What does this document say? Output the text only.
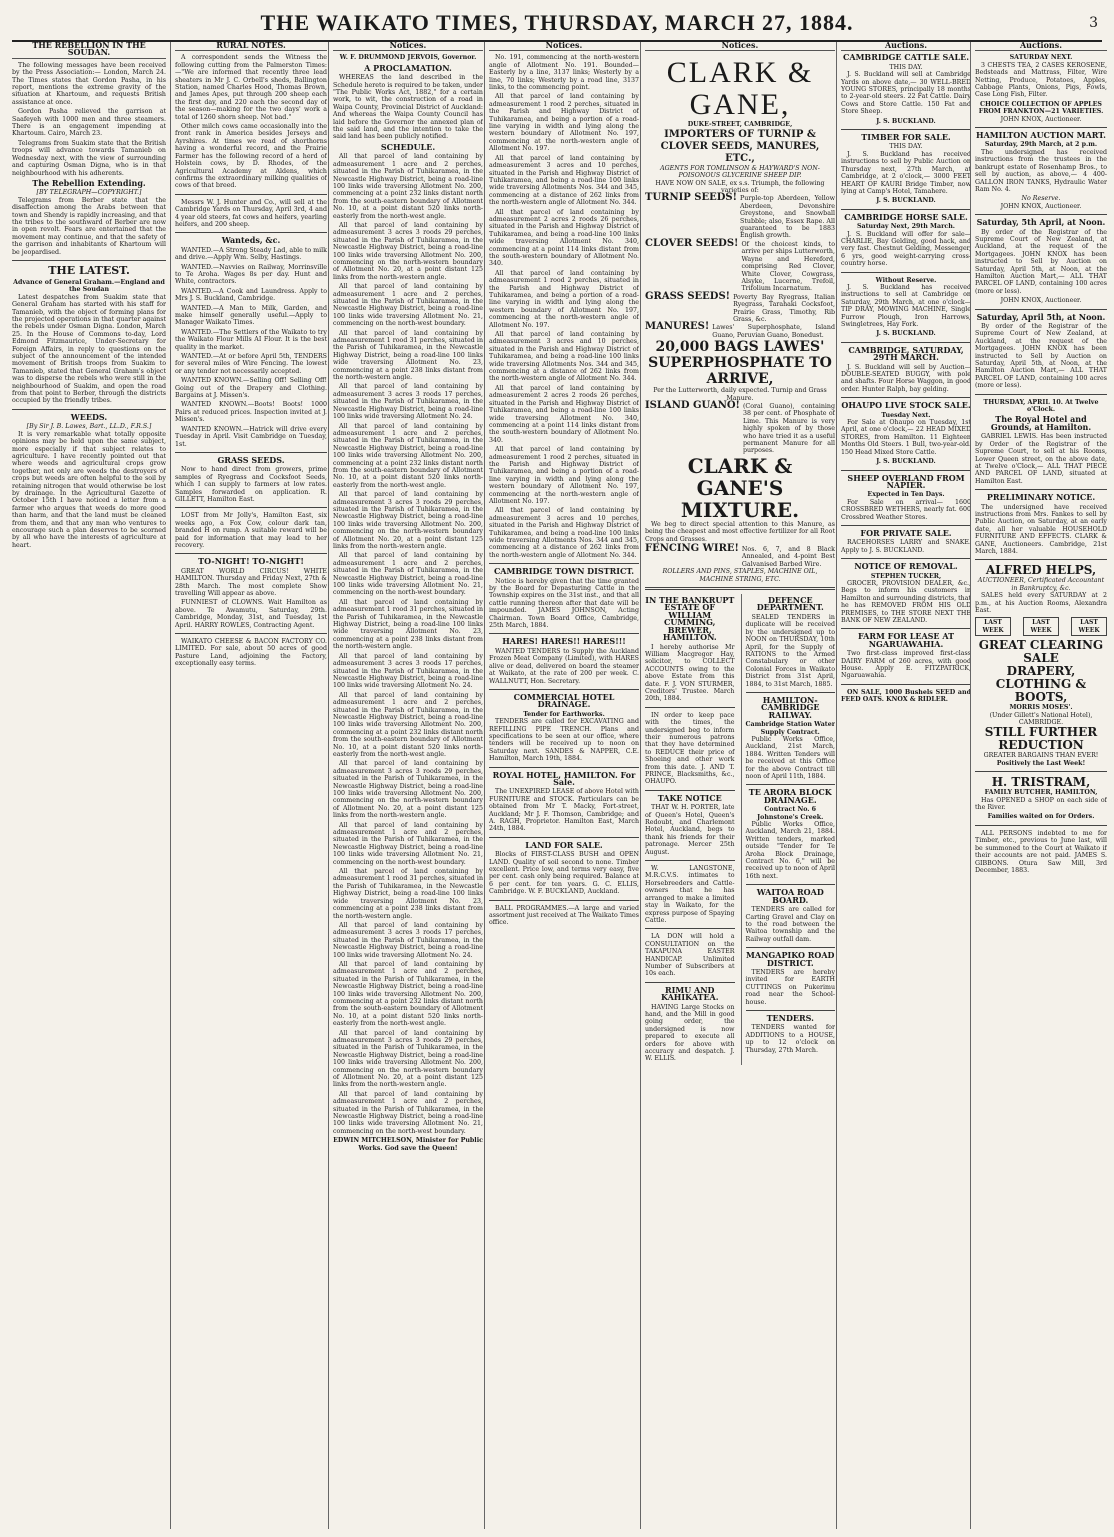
THE WAIKATO TIMES, THURSDAY, MARCH 27, 1884.	3
THE REBELLION IN THE SOUDAN.

The following messages have been received by the Press Association:— London, March 24. The Times states that Gordon Pasha, in his report, mentions the extreme gravity of the situation at Khartoum, and requests British assistance at once.

Gordon Pasha relieved the garrison at Saafeyeh with 1000 men and three steamers. There is an engagement impending at Khartoum. Cairo, March 23.

Telegrams from Suakim state that the British troops will advance towards Tamanieb on Wednesday next, with the view of surrounding and capturing Osman Digna, who is in that neighbourhood with his adherents.

The Rebellion Extending.
[BY TELEGRAPH—COPYRIGHT.]

Telegrams from Berber state that the disaffection among the Arabs between that town and Shendy is rapidly increasing, and that the tribes to the southward of Berber are now in open revolt. Fears are entertained that the movement may continue, and that the safety of the garrison and inhabitants of Khartoum will be jeopardised.

THE LATEST.
Advance of General Graham.—England and the Soudan

Latest despatches from Suakim state that General Graham has started with his staff for Tamanieb, with the object of forming plans for the projected operations in that quarter against the rebels under Osman Digna. London, March 25. In the House of Commons to-day, Lord Edmond Fitzmaurice, Under-Secretary for Foreign Affairs, in reply to questions on the subject of the announcement of the intended movement of British troops from Suakim to Tamanieb, stated that General Graham's object was to disperse the rebels who were still in the neighbourhood of Suakim, and open the road from that point to Berber, through the districts occupied by the friendly tribes.

WEEDS.
[By Sir J. B. Lawes, Bart., LL.D., F.R.S.]

It is very remarkable what totally opposite opinions may be held upon the same subject, more especially if that subject relates to agriculture. I have recently pointed out that where weeds and agricultural crops grow together, not only are weeds the destroyers of crops but weeds are often helpful to the soil by retaining nitrogen that would otherwise be lost by drainage. In the Agricultural Gazette of October 15th I have noticed a letter from a farmer who argues that weeds do more good than harm, and that the land must be cleaned from them, and that any man who ventures to encourage such a plan deserves to be scorned by all who have the interests of agriculture at heart.

RURAL NOTES.

A correspondent sends the Witness the following cutting from the Palmerston Times:—"We are informed that recently three lead sheaters in Mr J. C. Orbell's sheds, Ballington Station, named Charles Hood, Thomas Brown, and James Apes, put through 200 sheep each the first day, and 220 each the second day of the season—making for the two days' work a total of 1260 shorn sheep. Not bad."

Other milch cows came occasionally into the front rank in America besides Jerseys and Ayrshires. At times we read of shorthorns having a wonderful record, and the Prairie Farmer has the following record of a herd of Holstein cows, by D. Rhodes, of the Agricultural Academy at Aldens, which confirms the extraordinary milking qualities of cows of that breed.

Messrs W. J. Hunter and Co., will sell at the Cambridge Yards on Thursday, April 3rd, 4 and 4 year old steers, fat cows and heifers, yearling heifers, and 200 sheep.

Wanteds, &c.

WANTED.—A Strong Steady Lad, able to milk and drive.—Apply Wm. Selby, Hastings.

WANTED.—Navvies on Railway, Morrinsville to Te Aroha. Wages 8s per day. Hunt and White, contractors.

WANTED.—A Cook and Laundress. Apply to Mrs J. S. Buckland, Cambridge.

WANTED.—A Man to Milk, Garden, and make himself generally useful.—Apply to Manager Waikato Times.

WANTED.—The Settlers of the Waikato to try the Waikato Flour Mills AI Flour. It is the best quality in the market.

WANTED.—At or before April 5th, TENDERS for several miles of Wire Fencing. The lowest or any tender not necessarily accepted.

WANTED KNOWN.—Selling Off! Selling Off! Going out of the Drapery and Clothing. Bargains at J. Missen's.

WANTED KNOWN.—Boots! Boots! 1000 Pairs at reduced prices. Inspection invited at J. Missen's.

WANTED KNOWN.—Hatrick will drive every Tuesday in April. Visit Cambridge on Tuesday, 1st.

GRASS SEEDS.

Now to hand direct from growers, prime samples of Ryegrass and Cocksfoot Seeds, which I can supply to farmers at low rates. Samples forwarded on application. R. GILLETT, Hamilton East.

LOST from Mr Jolly's, Hamilton East, six weeks ago, a Fox Cow, colour dark tan, branded H on rump. A suitable reward will be paid for information that may lead to her recovery.

TO-NIGHT! TO-NIGHT!

GREAT WORLD CIRCUS! WHITE HAMILTON. Thursday and Friday Next, 27th & 28th March. The most complete Show travelling Will appear as above.

FUNNIEST of CLOWNS. Wait Hamilton as above. Te Awamutu, Saturday, 29th. Cambridge, Monday, 31st, and Tuesday, 1st April. HARRY ROWLES, Contracting Agent.

WAIKATO CHEESE & BACON FACTORY CO. LIMITED. For sale, about 50 acres of good Pasture Land, adjoining the Factory, exceptionally easy terms.

Notices.
W. F. DRUMMOND JERVOIS, Governor.
A PROCLAMATION.

WHEREAS the land described in the Schedule hereto is required to be taken, under "The Public Works Act, 1882," for a certain work, to wit, the construction of a road in Waipa County, Provincial District of Auckland: And whereas the Waipa County Council has laid before the Governor the annexed plan of the said land, and the intention to take the said land has been publicly notified.

SCHEDULE.

All that parcel of land containing by admeasurement 1 acre and 2 perches, situated in the Parish of Tuhikaramea, in the Newcastle Highway District, being a road-line 100 links wide traversing Allotment No. 200, commencing at a point 232 links distant north from the south-eastern boundary of Allotment No. 10, at a point distant 520 links north-easterly from the north-west angle.

All that parcel of land containing by admeasurement 3 acres 3 roods 29 perches, situated in the Parish of Tuhikaramea, in the Newcastle Highway District, being a road-line 100 links wide traversing Allotment No. 200, commencing on the north-western boundary of Allotment No. 20, at a point distant 125 links from the north-western angle.

All that parcel of land containing by admeasurement 1 acre and 2 perches, situated in the Parish of Tuhikaramea, in the Newcastle Highway District, being a road-line 100 links wide traversing Allotment No. 21, commencing on the north-west boundary.

All that parcel of land containing by admeasurement 1 rood 31 perches, situated in the Parish of Tuhikaramea, in the Newcastle Highway District, being a road-line 100 links wide traversing Allotment No. 23, commencing at a point 238 links distant from the north-western angle.

All that parcel of land containing by admeasurement 3 acres 3 roods 17 perches, situated in the Parish of Tuhikaramea, in the Newcastle Highway District, being a road-line 100 links wide traversing Allotment No. 24.

All that parcel of land containing by admeasurement 1 acre and 2 perches, situated in the Parish of Tuhikaramea, in the Newcastle Highway District, being a road-line 100 links wide traversing Allotment No. 200, commencing at a point 232 links distant north from the south-eastern boundary of Allotment No. 10, at a point distant 520 links north-easterly from the north-west angle.

All that parcel of land containing by admeasurement 3 acres 3 roods 29 perches, situated in the Parish of Tuhikaramea, in the Newcastle Highway District, being a road-line 100 links wide traversing Allotment No. 200, commencing on the north-western boundary of Allotment No. 20, at a point distant 125 links from the north-western angle.

All that parcel of land containing by admeasurement 1 acre and 2 perches, situated in the Parish of Tuhikaramea, in the Newcastle Highway District, being a road-line 100 links wide traversing Allotment No. 21, commencing on the north-west boundary.

All that parcel of land containing by admeasurement 1 rood 31 perches, situated in the Parish of Tuhikaramea, in the Newcastle Highway District, being a road-line 100 links wide traversing Allotment No. 23, commencing at a point 238 links distant from the north-western angle.

All that parcel of land containing by admeasurement 3 acres 3 roods 17 perches, situated in the Parish of Tuhikaramea, in the Newcastle Highway District, being a road-line 100 links wide traversing Allotment No. 24.

All that parcel of land containing by admeasurement 1 acre and 2 perches, situated in the Parish of Tuhikaramea, in the Newcastle Highway District, being a road-line 100 links wide traversing Allotment No. 200, commencing at a point 232 links distant north from the south-eastern boundary of Allotment No. 10, at a point distant 520 links north-easterly from the north-west angle.

All that parcel of land containing by admeasurement 3 acres 3 roods 29 perches, situated in the Parish of Tuhikaramea, in the Newcastle Highway District, being a road-line 100 links wide traversing Allotment No. 200, commencing on the north-western boundary of Allotment No. 20, at a point distant 125 links from the north-western angle.

All that parcel of land containing by admeasurement 1 acre and 2 perches, situated in the Parish of Tuhikaramea, in the Newcastle Highway District, being a road-line 100 links wide traversing Allotment No. 21, commencing on the north-west boundary.

All that parcel of land containing by admeasurement 1 rood 31 perches, situated in the Parish of Tuhikaramea, in the Newcastle Highway District, being a road-line 100 links wide traversing Allotment No. 23, commencing at a point 238 links distant from the north-western angle.

All that parcel of land containing by admeasurement 3 acres 3 roods 17 perches, situated in the Parish of Tuhikaramea, in the Newcastle Highway District, being a road-line 100 links wide traversing Allotment No. 24.

All that parcel of land containing by admeasurement 1 acre and 2 perches, situated in the Parish of Tuhikaramea, in the Newcastle Highway District, being a road-line 100 links wide traversing Allotment No. 200, commencing at a point 232 links distant north from the south-eastern boundary of Allotment No. 10, at a point distant 520 links north-easterly from the north-west angle.

All that parcel of land containing by admeasurement 3 acres 3 roods 29 perches, situated in the Parish of Tuhikaramea, in the Newcastle Highway District, being a road-line 100 links wide traversing Allotment No. 200, commencing on the north-western boundary of Allotment No. 20, at a point distant 125 links from the north-western angle.

All that parcel of land containing by admeasurement 1 acre and 2 perches, situated in the Parish of Tuhikaramea, in the Newcastle Highway District, being a road-line 100 links wide traversing Allotment No. 21, commencing on the north-west boundary.

EDWIN MITCHELSON, Minister for Public Works. God save the Queen!
Notices.

No. 191, commencing at the north-western angle of Allotment No. 191. Bounded—Easterly by a line, 3137 links; Westerly by a line, 70 links; Westerly by a road line, 3137 links, to the commencing point.

All that parcel of land containing by admeasurement 1 rood 2 perches, situated in the Parish and Highway District of Tuhikaramea, and being a portion of a road-line varying in width and lying along the western boundary of Allotment No. 197, commencing at the north-western angle of Allotment No. 197.

All that parcel of land containing by admeasurement 3 acres and 10 perches, situated in the Parish and Highway District of Tuhikaramea, and being a road-line 100 links wide traversing Allotments Nos. 344 and 345, commencing at a distance of 262 links from the north-western angle of Allotment No. 344.

All that parcel of land containing by admeasurement 2 acres 2 roods 26 perches, situated in the Parish and Highway District of Tuhikaramea, and being a road-line 100 links wide traversing Allotment No. 340, commencing at a point 114 links distant from the south-western boundary of Allotment No. 340.

All that parcel of land containing by admeasurement 1 rood 2 perches, situated in the Parish and Highway District of Tuhikaramea, and being a portion of a road-line varying in width and lying along the western boundary of Allotment No. 197, commencing at the north-western angle of Allotment No. 197.

All that parcel of land containing by admeasurement 3 acres and 10 perches, situated in the Parish and Highway District of Tuhikaramea, and being a road-line 100 links wide traversing Allotments Nos. 344 and 345, commencing at a distance of 262 links from the north-western angle of Allotment No. 344.

All that parcel of land containing by admeasurement 2 acres 2 roods 26 perches, situated in the Parish and Highway District of Tuhikaramea, and being a road-line 100 links wide traversing Allotment No. 340, commencing at a point 114 links distant from the south-western boundary of Allotment No. 340.

All that parcel of land containing by admeasurement 1 rood 2 perches, situated in the Parish and Highway District of Tuhikaramea, and being a portion of a road-line varying in width and lying along the western boundary of Allotment No. 197, commencing at the north-western angle of Allotment No. 197.

All that parcel of land containing by admeasurement 3 acres and 10 perches, situated in the Parish and Highway District of Tuhikaramea, and being a road-line 100 links wide traversing Allotments Nos. 344 and 345, commencing at a distance of 262 links from the north-western angle of Allotment No. 344.

CAMBRIDGE TOWN DISTRICT.

Notice is hereby given that the time granted by the Board for Depasturing Cattle in the Township expires on the 31st inst., and that all cattle running thereon after that date will be impounded. JAMES JOHNSON, Acting Chairman. Town Board Office, Cambridge, 25th March, 1884.

HARES! HARES!! HARES!!!

WANTED TENDERS to Supply the Auckland Frozen Meat Company (Limited), with HARES alive or dead, delivered on board the steamer at Waikato, at the rate of 200 per week. C. WALLNUTT, Hon. Secretary.

COMMERCIAL HOTEL DRAINAGE.
Tender for Earthworks.

TENDERS are called for EXCAVATING and REFILLING PIPE TRENCH. Plans and specifications to be seen at our office, where tenders will be received up to noon on Saturday next. SANDES & NAPPER, C.E. Hamilton, March 19th, 1884.

ROYAL HOTEL, HAMILTON. For Sale.

The UNEXPIRED LEASE of above Hotel with FURNITURE and STOCK. Particulars can be obtained from Mr T. Macky, Fort-street, Auckland; Mr J. F. Thomson, Cambridge; and A. RAGH, Proprietor. Hamilton East, March 24th, 1884.

LAND FOR SALE.

Blocks of FIRST-CLASS BUSH and OPEN LAND. Quality of soil second to none. Timber excellent. Price low, and terms very easy, five per cent. cash only being required. Balance at 6 per cent. for ten years. G. C. ELLIS, Cambridge. W. F. BUCKLAND, Auckland.

BALL PROGRAMMES.—A large and varied assortment just received at The Waikato Times office.

Notices.
CLARK & GANE,
DUKE-STREET, CAMBRIDGE,
IMPORTERS OF TURNIP & CLOVER SEEDS, MANURES, ETC.,
AGENTS FOR TOMLINSON & HAYWARD'S NON-POISONOUS GLYCERINE SHEEP DIP.
HAVE NOW ON SALE, ex s.s. Triumph, the following varieties of:
TURNIP SEEDS! Purple-top Aberdeen, Yellow Aberdeen, Devonshire Greystone, and Snowball Stubble; also, Essex Rape. All guaranteed to be 1883 English growth.
CLOVER SEEDS! Of the choicest kinds, to arrive per ships Lutterworth, Wayne and Hereford, comprising Red Clover, White Clover, Cowgrass, Alsyke, Lucerne, Trefoil, Trifolium Incarnatum.
GRASS SEEDS! Poverty Bay Ryegrass, Italian Ryegrass, Tarahaki Cocksfoot, Prairie Grass, Timothy, Rib Grass, &c.
MANURES! Lawes' Superphosphate, Island Guano, Peruvian Guano, Bonedust.
20,000 BAGS LAWES' SUPERPHOSPHATE TO ARRIVE,
Per the Lutterworth, daily expected. Turnip and Grass Manure.
ISLAND GUANO! (Coral Guano), containing 38 per cent. of Phosphate of Lime. This Manure is very highly spoken of by those who have tried it as a useful permanent Manure for all purposes.
CLARK & GANE'S MIXTURE.

We beg to direct special attention to this Manure, as being the cheapest and most effective fertilizer for all Root Crops and Grasses.

FENCING WIRE! Nos. 6, 7, and 8 Black Annealed, and 4-point Best Galvanised Barbed Wire.
ROLLERS AND PINS, STAPLES, MACHINE OIL, MACHINE STRING, ETC.
IN THE BANKRUPT ESTATE OF WILLIAM CUMMING, BREWER, HAMILTON.

I hereby authorise Mr William Macgregor Hay, solicitor, to COLLECT ACCOUNTS owing to the above Estate from this date. F. J. VON STURMER, Creditors' Trustee. March 20th, 1884.

IN order to keep pace with the times, the undersigned beg to inform their numerous patrons that they have determined to REDUCE their price of Shoeing and other work from this date. J. AND T. PRINCE, Blacksmiths, &c., OHAUPO.

TAKE NOTICE

THAT W. H. PORTER, late of Queen's Hotel, Queen's Redoubt, and Charlemont Hotel, Auckland, begs to thank his friends for their patronage. Mercer 25th August.

W. LANGSTONE, M.R.C.V.S. intimates to Horsebreeders and Cattle-owners that he has arranged to make a limited stay in Waikato, for the express purpose of Spaying Cattle.

LA DON will hold a CONSULTATION on the TAKAPUNA EASTER HANDICAP. Unlimited Number of Subscribers at 10s each.

RIMU AND KAHIKATEA.

HAVING Large Stocks on hand, and the Mill in good going order, the undersigned is now prepared to execute all orders for above with accuracy and despatch. J. W. ELLIS.

DEFENCE DEPARTMENT.

SEALED TENDERS in duplicate will be received by the undersigned up to NOON on THURSDAY, 10th April, for the Supply of RATIONS to the Armed Constabulary or other Colonial Forces in Waikato District from 31st April, 1884, to 31st March, 1885.

HAMILTON-CAMBRIDGE RAILWAY.
Cambridge Station Water Supply Contract.

Public Works Office, Auckland, 21st March, 1884. Written Tenders will be received at this Office for the above Contract till noon of April 11th, 1884.

TE ARORA BLOCK DRAINAGE.
Contract No. 6 Johnstone's Creek.

Public Works Office, Auckland, March 21, 1884. Written tenders, marked outside "Tender for Te Aroha Block Drainage, Contract No. 6," will be received up to noon of April 16th next.

WAITOA ROAD BOARD.

TENDERS are called for Carting Gravel and Clay on to the road between the Waitoa township and the Railway outfall dam.

MANGAPIKO ROAD DISTRICT.

TENDERS are hereby invited for EARTH CUTTINGS on Pukerimu road near the School-house.

TENDERS.

TENDERS wanted for ADDITIONS to a HOUSE, up to 12 o'clock on Thursday, 27th March.

Auctions.
CAMBRIDGE CATTLE SALE.
THIS DAY.

J. S. Buckland will sell at Cambridge Yards on above date,— 30 WELL-BRED YOUNG STORES, principally 18 months to 2-year-old steers. 22 Fat Cattle. Dairy Cows and Store Cattle. 150 Fat and Store Sheep.

J. S. BUCKLAND.
TIMBER FOR SALE.
THIS DAY.

J. S. Buckland has received instructions to sell by Public Auction on Thursday next, 27th March, at Cambridge, at 2 o'clock,— 3000 FEET HEART OF KAURI Bridge Timber, now lying at Camp's Hotel, Tamahere.

J. S. BUCKLAND.
CAMBRIDGE HORSE SALE.
Saturday Next, 29th March.

J. S. Buckland will offer for sale— CHARLIE, Bay Gelding, good hack, and very fast. Chestnut Gelding, Messenger, 6 yrs, good weight-carrying cross-country horse.

Without Reserve.

J. S. Buckland has received instructions to sell at Cambridge on Saturday, 29th March, at one o'clock— TIP DRAY, MOWING MACHINE, Single Furrow Plough, Iron Harrows, Swingletrees, Hay Fork.

J. S. BUCKLAND.
CAMBRIDGE, SATURDAY, 29TH MARCH.

J. S. Buckland will sell by Auction— DOUBLE-SEATED BUGGY, with pole and shafts. Four Horse Waggon, in good order. Hunter Ralph, bay gelding.

OHAUPO LIVE STOCK SALE.
Tuesday Next.

For Sale at Ohaupo on Tuesday, 1st April, at one o'clock,— 22 HEAD MIXED STORES, from Hamilton. 11 Eighteen Months Old Steers. 1 Bull, two-year-old. 150 Head Mixed Store Cattle.

J. S. BUCKLAND.
SHEEP OVERLAND FROM NAPIER.
Expected in Ten Days.

For Sale on arrival— 1600 CROSSBRED WETHERS, nearly fat. 600 Crossbred Weather Stores.

FOR PRIVATE SALE.

RACEHORSES LARRY and SNAKE. Apply to J. S. BUCKLAND.

NOTICE OF REMOVAL.
STEPHEN TUCKER,

GROCER, PROVISION DEALER, &c., Begs to inform his customers in Hamilton and surrounding districts, that he has REMOVED FROM HIS OLD PREMISES, to THE STORE NEXT THE BANK OF NEW ZEALAND.

FARM FOR LEASE AT NGARUAWAHIA.

Two first-class improved first-class DAIRY FARM of 260 acres, with good House. Apply E. FITZPATRICK, Ngaruawahia.

ON SALE, 1000 Bushels SEED and FEED OATS. KNOX & RIDLER.

Auctions.
SATURDAY NEXT.

3 CHESTS TEA, 2 CASES KEROSENE, Bedsteads and Mattrass, Filter, Wire Netting, Produce, Potatoes, Apples, Cabbage Plants, Onions, Pigs, Fowls, Case Long Fish, Filter.

CHOICE COLLECTION OF APPLES FROM FRANKTON—21 VARIETIES.
JOHN KNOX, Auctioneer.
HAMILTON AUCTION MART.
Saturday, 29th March, at 2 p.m.

The undersigned has received instructions from the trustees in the bankrupt estate of Rosenhamp Bros., to sell by auction, as above,— 4 400-GALLON IRON TANKS, Hydraulic Water Ram No. 4.

No Reserve.
JOHN KNOX, Auctioneer.
Saturday, 5th April, at Noon.

By order of the Registrar of the Supreme Court of New Zealand, at Auckland, at the request of the Mortgagees. JOHN KNOX has been instructed to Sell by Auction on Saturday, April 5th, at Noon, at the Hamilton Auction Mart,— ALL THAT PARCEL OF LAND, containing 100 acres (more or less).

JOHN KNOX, Auctioneer.
Saturday, April 5th, at Noon.

By order of the Registrar of the Supreme Court of New Zealand, at Auckland, at the request of the Mortgagees. JOHN KNOX has been instructed to Sell by Auction on Saturday, April 5th, at Noon, at the Hamilton Auction Mart,— ALL THAT PARCEL OF LAND, containing 100 acres (more or less).

THURSDAY, APRIL 10. At Twelve o'Clock.
The Royal Hotel and Grounds, at Hamilton.

GABRIEL LEWIS. Has been instructed by Order of the Registrar of the Supreme Court, to sell at his Rooms, Lower Queen street, on the above date, at Twelve o'Clock,— ALL THAT PIECE AND PARCEL OF LAND, situated at Hamilton East.

PRELIMINARY NOTICE.

The undersigned have received instructions from Mrs. Fankes to sell by Public Auction, on Saturday, at an early date, all her valuable HOUSEHOLD FURNITURE AND EFFECTS. CLARK & GANE, Auctioneers. Cambridge, 21st March, 1884.

ALFRED HELPS,
AUCTIONEER, Certificated Accountant in Bankruptcy, &c.

SALES held every SATURDAY at 2 p.m., at his Auction Rooms, Alexandra East.

LAST WEEK
LAST WEEK
LAST WEEK
GREAT CLEARING SALE
DRAPERY, CLOTHING & BOOTS,
MORRIS MOSES'.
(Under Gillett's National Hotel), CAMBRIDGE.
STILL FURTHER REDUCTION
GREATER BARGAINS THAN EVER!
Positively the Last Week!
H. TRISTRAM,
FAMILY BUTCHER, HAMILTON,

Has OPENED a SHOP on each side of the River.

Families waited on for Orders.

ALL PERSONS indebted to me for Timber, etc., previous to June last, will be summoned to the Court at Waikato if their accounts are not paid. JAMES S. GIBBONS. Otura Saw Mill, 3rd December, 1883.
